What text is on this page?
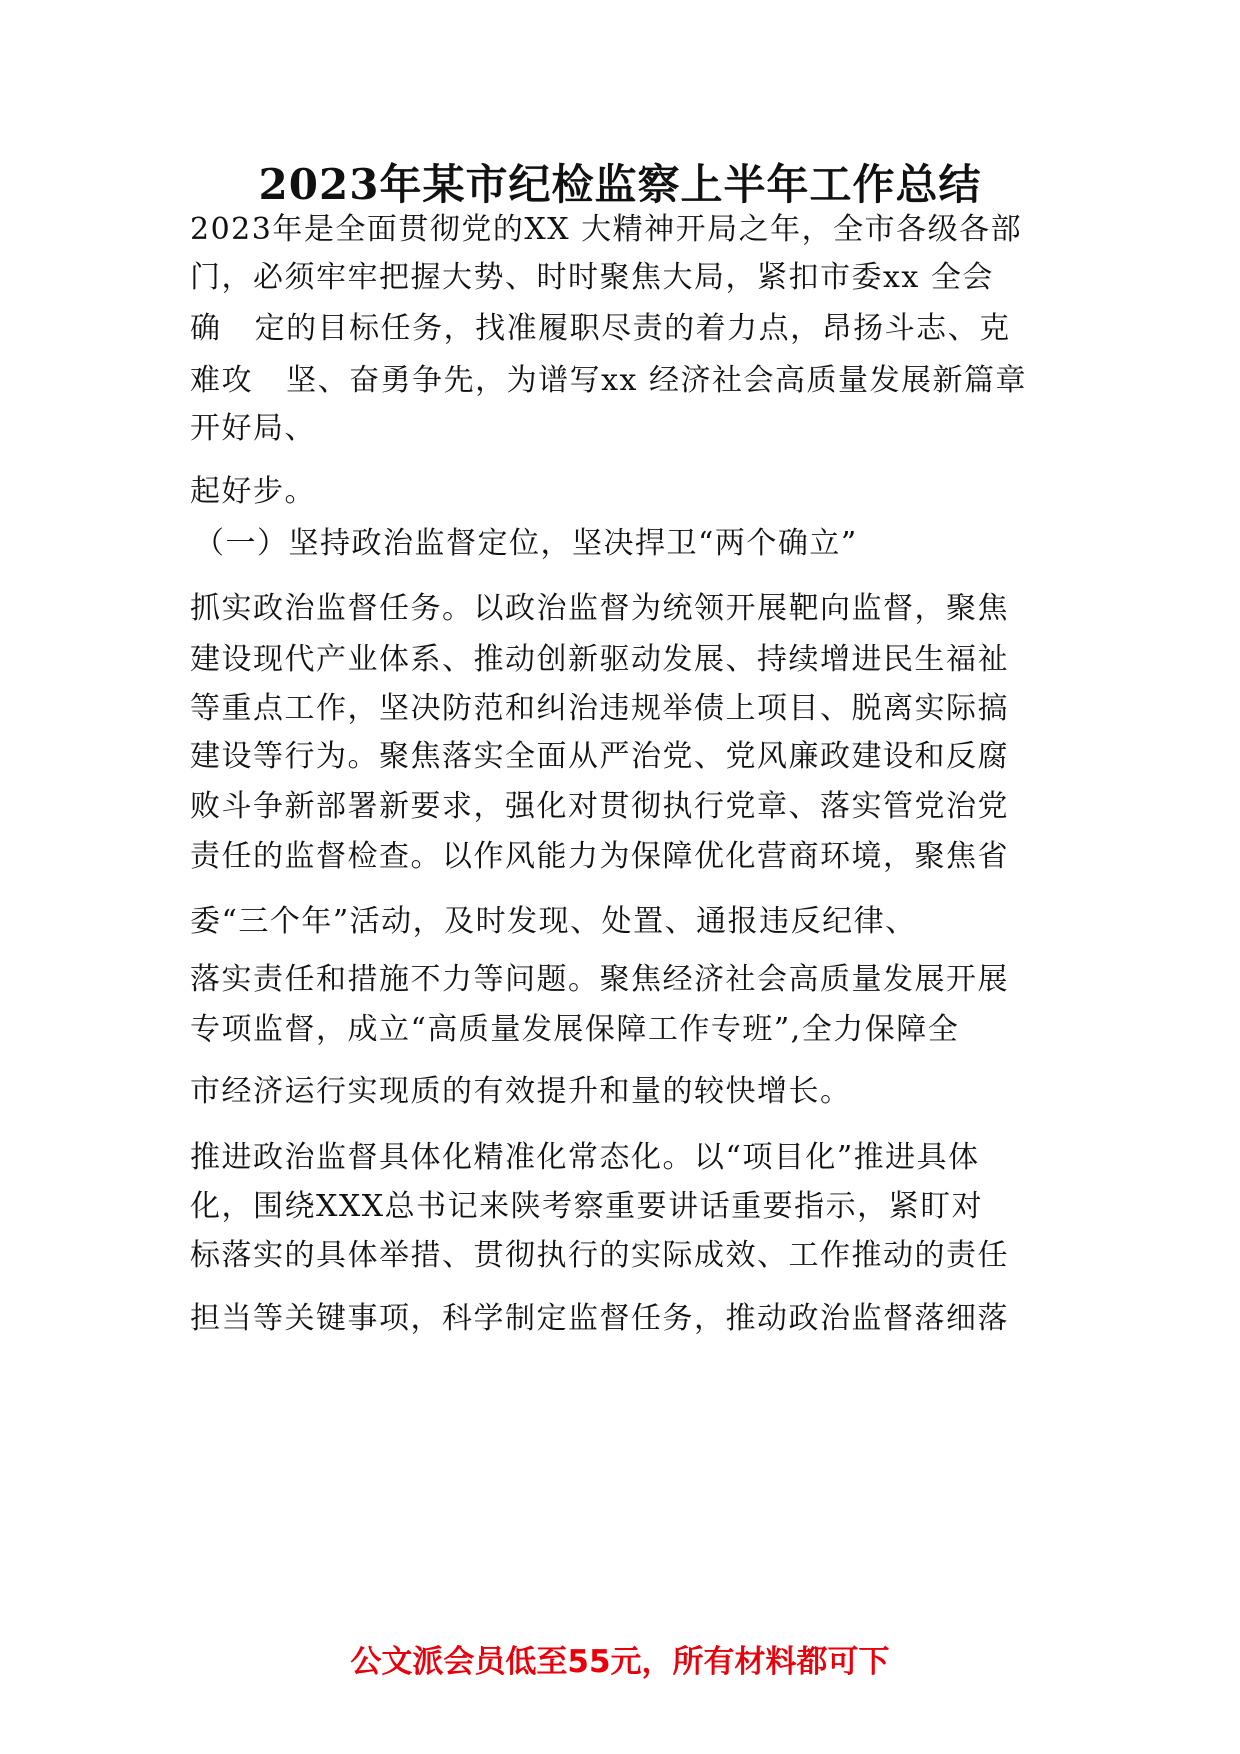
2023年某市纪检监察上半年工作总结
2023年是全面贯彻党的XX 大精神开局之年，全市各级各部
门，必须牢牢把握大势、时时聚焦大局，紧扣市委xx 全会
确   定的目标任务，找准履职尽责的着力点，昂扬斗志、克
难攻   坚、奋勇争先，为谱写xx 经济社会高质量发展新篇章
开好局、
起好步。
（一）坚持政治监督定位，坚决捍卫“两个确立”
抓实政治监督任务。以政治监督为统领开展靶向监督，聚焦
建设现代产业体系、推动创新驱动发展、持续增进民生福祉
等重点工作，坚决防范和纠治违规举债上项目、脱离实际搞
建设等行为。聚焦落实全面从严治党、党风廉政建设和反腐
败斗争新部署新要求，强化对贯彻执行党章、落实管党治党
责任的监督检查。以作风能力为保障优化营商环境，聚焦省
委“三个年”活动，及时发现、处置、通报违反纪律、
落实责任和措施不力等问题。聚焦经济社会高质量发展开展
专项监督，成立“高质量发展保障工作专班”,全力保障全
市经济运行实现质的有效提升和量的较快增长。
推进政治监督具体化精准化常态化。以“项目化”推进具体
化，围绕XXX总书记来陕考察重要讲话重要指示，紧盯对
标落实的具体举措、贯彻执行的实际成效、工作推动的责任
担当等关键事项，科学制定监督任务，推动政治监督落细落
公文派会员低至55元，所有材料都可下
